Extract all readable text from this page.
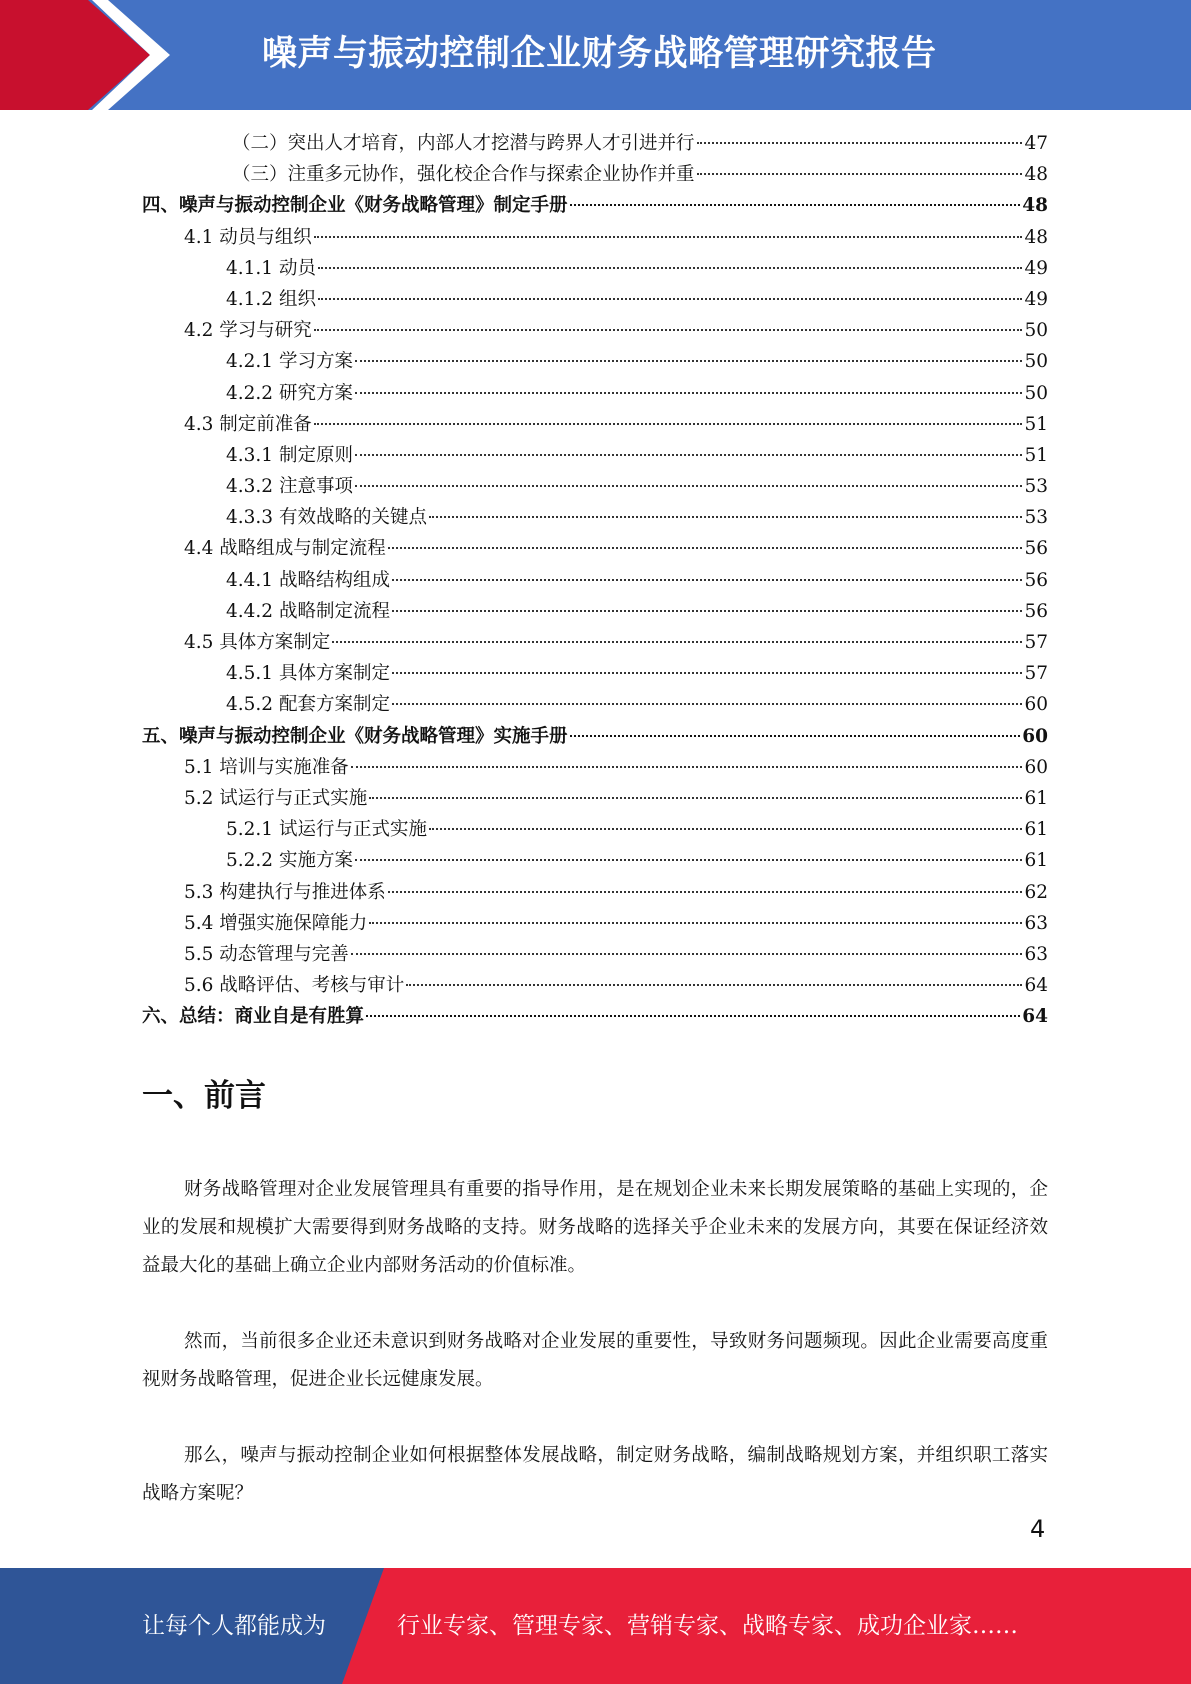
噪声与振动控制企业财务战略管理研究报告
（二）突出人才培育，内部人才挖潜与跨界人才引进并行	47
（三）注重多元协作，强化校企合作与探索企业协作并重	48
四、噪声与振动控制企业《财务战略管理》制定手册	48
4.1 动员与组织	48
4.1.1 动员	49
4.1.2 组织	49
4.2 学习与研究	50
4.2.1 学习方案	50
4.2.2 研究方案	50
4.3 制定前准备	51
4.3.1 制定原则	51
4.3.2 注意事项	53
4.3.3 有效战略的关键点	53
4.4 战略组成与制定流程	56
4.4.1 战略结构组成	56
4.4.2 战略制定流程	56
4.5 具体方案制定	57
4.5.1 具体方案制定	57
4.5.2 配套方案制定	60
五、噪声与振动控制企业《财务战略管理》实施手册	60
5.1 培训与实施准备	60
5.2 试运行与正式实施	61
5.2.1 试运行与正式实施	61
5.2.2 实施方案	61
5.3 构建执行与推进体系	62
5.4 增强实施保障能力	63
5.5 动态管理与完善	63
5.6 战略评估、考核与审计	64
六、总结：商业自是有胜算	64
一、前言

财务战略管理对企业发展管理具有重要的指导作用，是在规划企业未来长期发展策略的基础上实现的，企业的发展和规模扩大需要得到财务战略的支持。财务战略的选择关乎企业未来的发展方向，其要在保证经济效益最大化的基础上确立企业内部财务活动的价值标准。

然而，当前很多企业还未意识到财务战略对企业发展的重要性，导致财务问题频现。因此企业需要高度重视财务战略管理，促进企业长远健康发展。

那么，噪声与振动控制企业如何根据整体发展战略，制定财务战略，编制战略规划方案，并组织职工落实战略方案呢？

4
让每个人都能成为	行业专家、管理专家、营销专家、战略专家、成功企业家……
